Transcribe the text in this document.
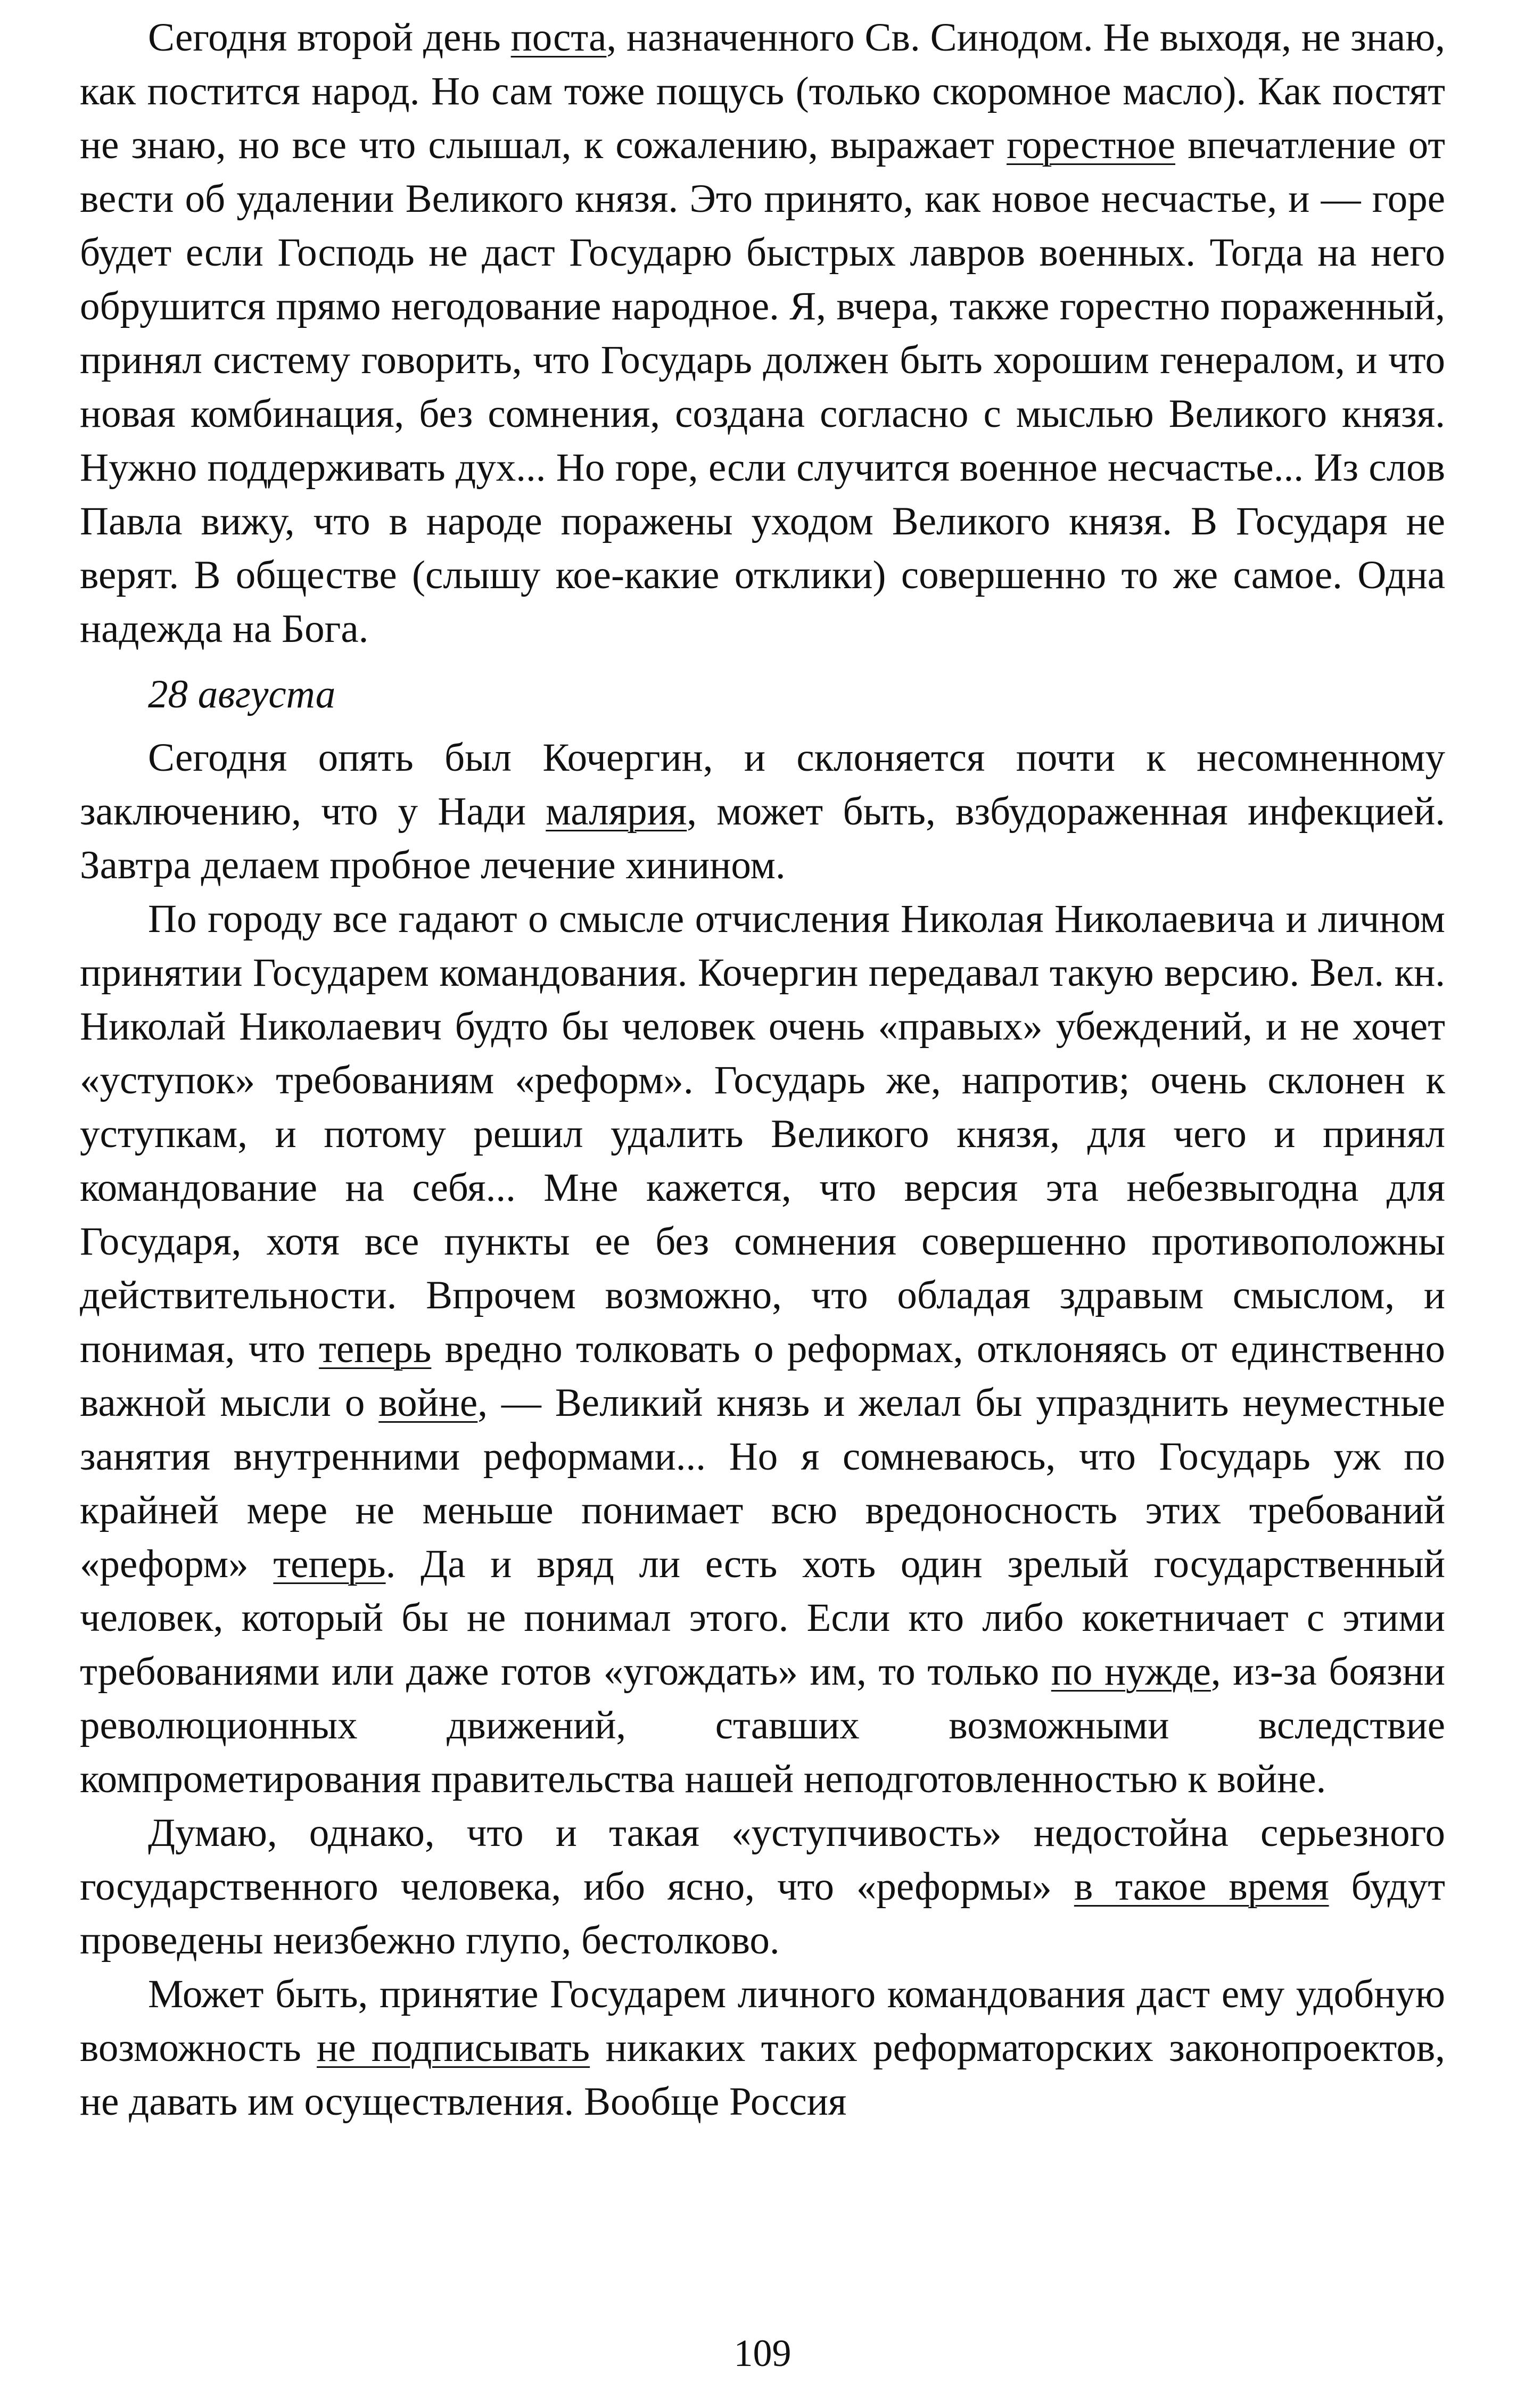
Сегодня второй день поста, назначенного Св. Синодом. Не выходя, не знаю, как постится народ. Но сам тоже пощусь (только скоромное масло). Как постят не знаю, но все что слышал, к сожалению, выражает горестное впечатление от вести об удалении Великого князя. Это принято, как новое несчастье, и — горе будет если Господь не даст Государю быстрых лавров военных. Тогда на него обрушится прямо негодование народное. Я, вчера, также горестно пораженный, принял систему говорить, что Государь должен быть хорошим генералом, и что новая комбинация, без сомнения, создана согласно с мыслью Великого князя. Нужно поддерживать дух... Но горе, если случится военное несчастье... Из слов Павла вижу, что в народе поражены уходом Великого князя. В Государя не верят. В обществе (слышу кое-какие отклики) совершенно то же самое. Одна надежда на Бога.

28 августа

Сегодня опять был Кочергин, и склоняется почти к несомненному заключению, что у Нади малярия, может быть, взбудораженная инфекцией. Завтра делаем пробное лечение хинином.

По городу все гадают о смысле отчисления Николая Николаевича и личном принятии Государем командования. Кочергин передавал такую версию. Вел. кн. Николай Николаевич будто бы человек очень «правых» убеждений, и не хочет «уступок» требованиям «реформ». Государь же, напротив; очень склонен к уступкам, и потому решил удалить Великого князя, для чего и принял командование на себя... Мне кажется, что версия эта небезвыгодна для Государя, хотя все пункты ее без сомнения совершенно противоположны действительности. Впрочем возможно, что обладая здравым смыслом, и понимая, что теперь вредно толковать о реформах, отклоняясь от единственно важной мысли о войне, — Великий князь и желал бы упразднить неуместные занятия внутренними реформами... Но я сомневаюсь, что Государь уж по крайней мере не меньше понимает всю вредоносность этих требований «реформ» теперь. Да и вряд ли есть хоть один зрелый государственный человек, который бы не понимал этого. Если кто либо кокетничает с этими требованиями или даже готов «угождать» им, то только по нужде, из-за боязни революционных движений, ставших возможными вследствие компрометирования правительства нашей неподготовленностью к войне.

Думаю, однако, что и такая «уступчивость» недостойна серьезного государственного человека, ибо ясно, что «реформы» в такое время будут проведены неизбежно глупо, бестолково.

Может быть, принятие Государем личного командования даст ему удобную возможность не подписывать никаких таких реформаторских законопроектов, не давать им осуществления. Вообще Россия

109
